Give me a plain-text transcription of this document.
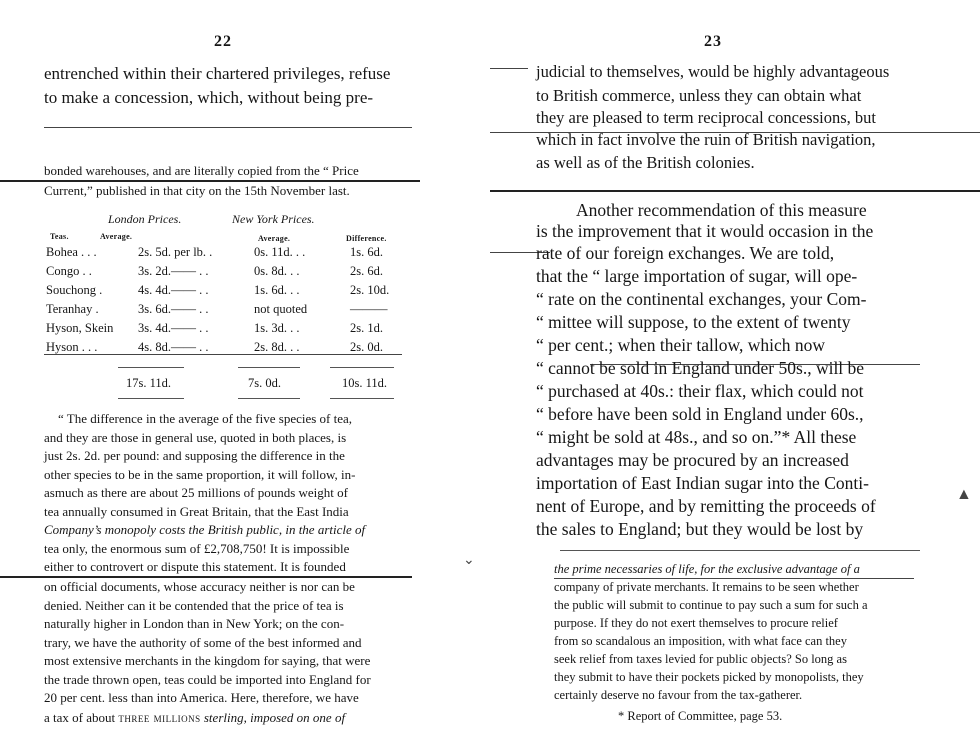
22
entrenched within their chartered privileges, refuse
to make a concession, which, without being pre-
bonded warehouses, and are literally copied from the “ Price
Current,” published in that city on the 15th November last.
London Prices.	New York Prices.
Teas.	Average.	Average.	Difference.
Bohea . . .	2s. 5d. per lb. .	0s. 11d. . .	1s. 6d.
Congo . .	3s. 2d.—— . .	0s. 8d. . .	2s. 6d.
Souchong .	4s. 4d.—— . .	1s. 6d. . .	2s. 10d.
Teranhay .	3s. 6d.—— . .	not quoted	———
Hyson, Skein 3s. 4d.—— . .	1s. 3d. . .	2s. 1d.
Hyson . . .	4s. 8d.—— . .	2s. 8d. . .	2s. 0d.
17s. 11d.	7s. 0d.	10s. 11d.
“ The difference in the average of the five species of tea,
and they are those in general use, quoted in both places, is
just 2s. 2d. per pound: and supposing the difference in the
other species to be in the same proportion, it will follow, in-
asmuch as there are about 25 millions of pounds weight of
tea annually consumed in Great Britain, that the East India
Company’s monopoly costs the British public, in the article of
tea only, the enormous sum of £2,708,750! It is impossible
either to controvert or dispute this statement. It is founded
on official documents, whose accuracy neither is nor can be
denied. Neither can it be contended that the price of tea is
naturally higher in London than in New York; on the con-
trary, we have the authority of some of the best informed and
most extensive merchants in the kingdom for saying, that were
the trade thrown open, teas could be imported into England for
20 per cent. less than into America. Here, therefore, we have
a tax of about three millions sterling, imposed on one of
⌄
23
judicial to themselves, would be highly advantageous
to British commerce, unless they can obtain what
they are pleased to term reciprocal concessions, but
which in fact involve the ruin of British navigation,
as well as of the British colonies.
Another recommendation of this measure
is the improvement that it would occasion in the
rate of our foreign exchanges. We are told,
that the “ large importation of sugar, will ope-
“ rate on the continental exchanges, your Com-
“ mittee will suppose, to the extent of twenty
“ per cent.; when their tallow, which now
“ cannot be sold in England under 50s., will be
“ purchased at 40s.: their flax, which could not
“ before have been sold in England under 60s.,
“ might be sold at 48s., and so on.”* All these
advantages may be procured by an increased
importation of East Indian sugar into the Conti-
nent of Europe, and by remitting the proceeds of
the sales to England; but they would be lost by
the prime necessaries of life, for the exclusive advantage of a
company of private merchants. It remains to be seen whether
the public will submit to continue to pay such a sum for such a
purpose. If they do not exert themselves to procure relief
from so scandalous an imposition, with what face can they
seek relief from taxes levied for public objects? So long as
they submit to have their pockets picked by monopolists, they
certainly deserve no favour from the tax-gatherer.
* Report of Committee, page 53.
▲
